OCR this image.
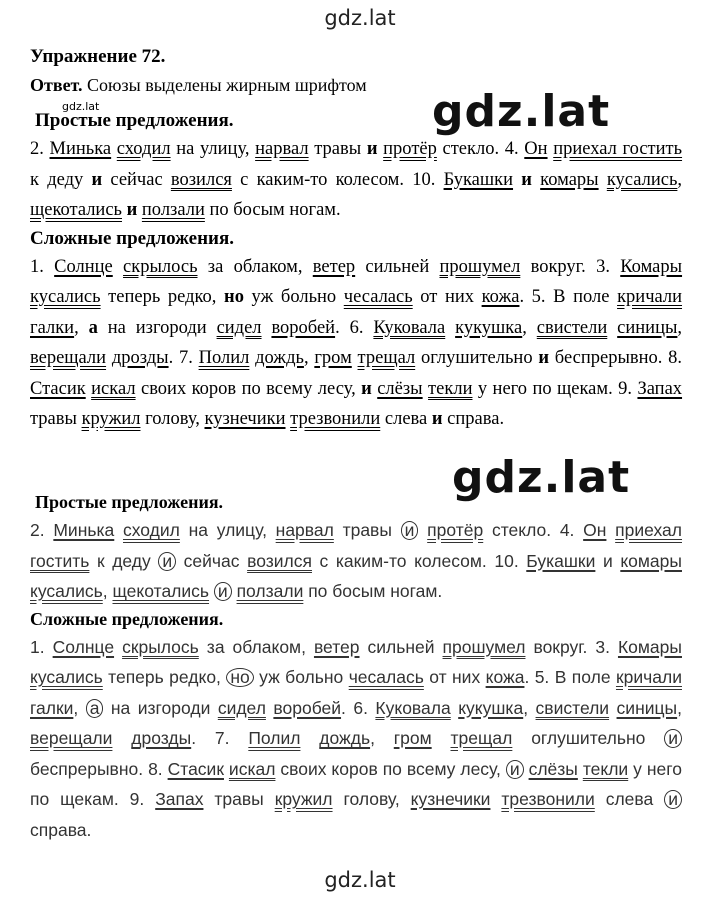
gdz.lat
Упражнение 72.
Ответ. Союзы выделены жирным шрифтом
gdz.lat
gdz.lat

Простые предложения.

2. Минька сходил на улицу, нарвал травы и протёр стекло. 4. Он приехал гостить к деду и сейчас возился с каким-то колесом. 10. Букашки и комары кусались, щекотались и ползали по босым ногам.

Сложные предложения.

1. Солнце скрылось за облаком, ветер сильней прошумел вокруг. 3. Комары кусались теперь редко, но уж больно чесалась от них кожа. 5. В поле кричали галки, а на изгороди сидел воробей. 6. Куковала кукушка, свистели синицы, верещали дрозды. 7. Полил дождь, гром трещал оглушительно и беспрерывно. 8. Стасик искал своих коров по всему лесу, и слёзы текли у него по щекам. 9. Запах травы кружил голову, кузнечики трезвонили слева и справа.

gdz.lat

Простые предложения.

2. Минька сходил на улицу, нарвал травы и протёр стекло. 4. Он приехал гостить к деду и сейчас возился с каким-то колесом. 10. Букашки и комары кусались, щекотались и ползали по босым ногам.

Сложные предложения.

1. Солнце скрылось за облаком, ветер сильней прошумел вокруг. 3. Комары кусались теперь редко, но уж больно чесалась от них кожа. 5. В поле кричали галки, а на изгороди сидел воробей. 6. Куковала кукушка, свистели синицы, верещали дрозды. 7. Полил дождь, гром трещал оглушительно и беспрерывно. 8. Стасик искал своих коров по всему лесу, и слёзы текли у него по щекам. 9. Запах травы кружил голову, кузнечики трезвонили слева и справа.

gdz.lat
